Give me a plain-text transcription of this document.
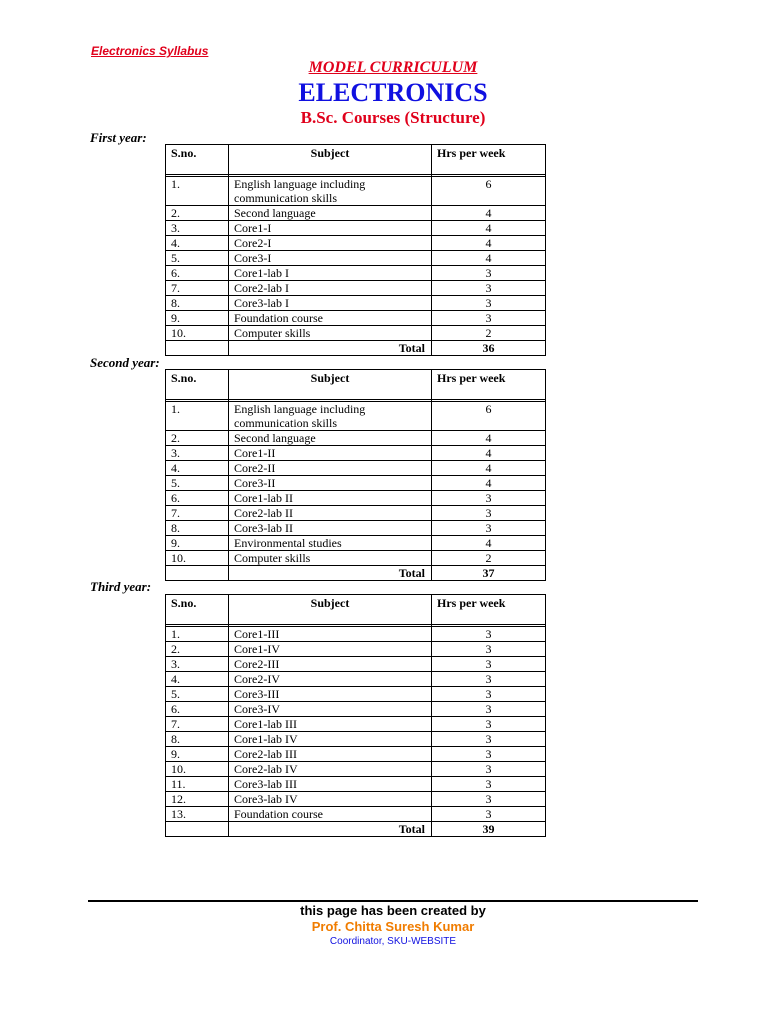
Electronics Syllabus
MODEL CURRICULUM
ELECTRONICS
B.Sc. Courses (Structure)
First year:
S.no.	Subject	Hrs per week

1.	English language including communication skills	6
2.	Second language	4
3.	Core1-I	4
4.	Core2-I	4
5.	Core3-I	4
6.	Core1-lab I	3
7.	Core2-lab I	3
8.	Core3-lab I	3
9.	Foundation course	3
10.	Computer skills	2
	Total	36
Second year:
S.no.	Subject	Hrs per week

1.	English language including communication skills	6
2.	Second language	4
3.	Core1-II	4
4.	Core2-II	4
5.	Core3-II	4
6.	Core1-lab II	3
7.	Core2-lab II	3
8.	Core3-lab II	3
9.	Environmental studies	4
10.	Computer skills	2
	Total	37
Third year:
S.no.	Subject	Hrs per week

1.	Core1-III	3
2.	Core1-IV	3
3.	Core2-III	3
4.	Core2-IV	3
5.	Core3-III	3
6.	Core3-IV	3
7.	Core1-lab III	3
8.	Core1-lab IV	3
9.	Core2-lab III	3
10.	Core2-lab IV	3
11.	Core3-lab III	3
12.	Core3-lab IV	3
13.	Foundation course	3
	Total	39
this page has been created by
Prof. Chitta Suresh Kumar
Coordinator, SKU-WEBSITE
